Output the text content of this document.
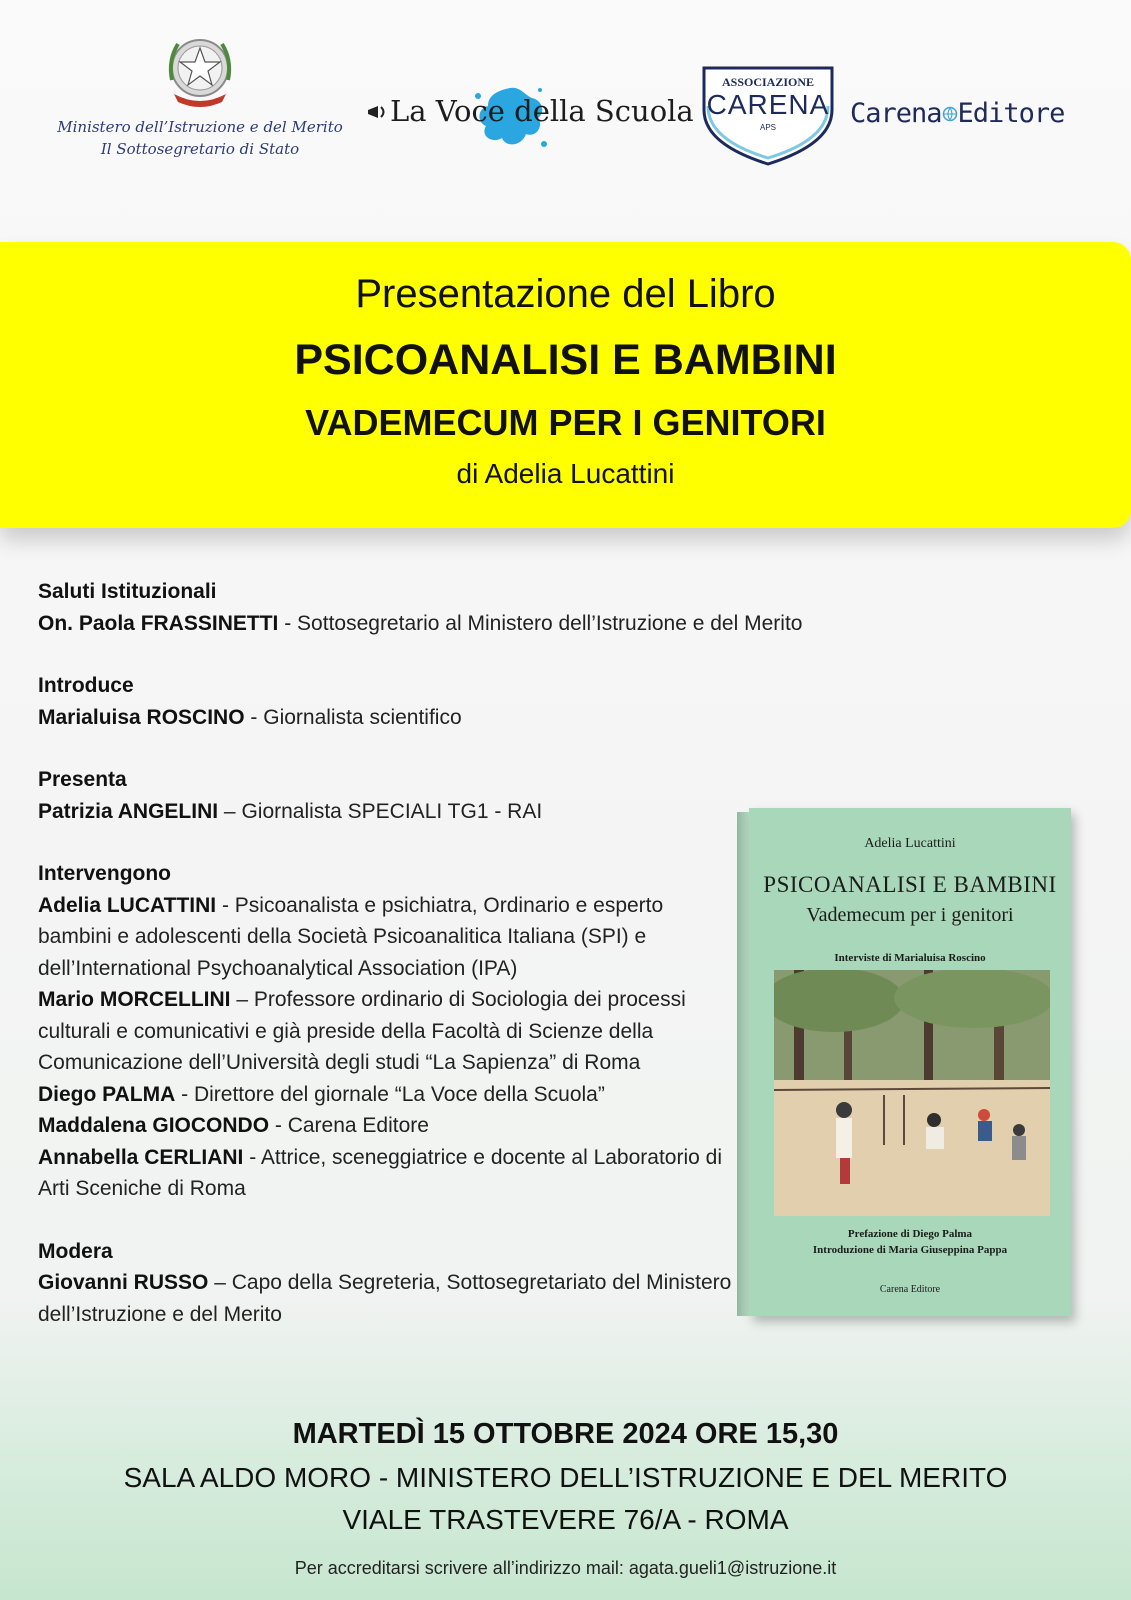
Ministero dell’Istruzione e del Merito
Il Sottosegretario di Stato
La Voce della Scuola
ASSOCIAZIONE
CARENA
APS	Carena Editore
Presentazione del Libro
PSICOANALISI E BAMBINI
VADEMECUM PER I GENITORI
di Adelia Lucattini
Saluti Istituzionali
On. Paola FRASSINETTI - Sottosegretario al Ministero dell’Istruzione e del Merito
Introduce
Marialuisa ROSCINO - Giornalista scientifico
Presenta
Patrizia ANGELINI – Giornalista SPECIALI TG1 - RAI
Intervengono
Adelia LUCATTINI - Psicoanalista e psichiatra, Ordinario e esperto bambini e adolescenti della Società Psicoanalitica Italiana (SPI) e dell’International Psychoanalytical Association (IPA)
Mario MORCELLINI – Professore ordinario di Sociologia dei processi culturali e comunicativi e già preside della Facoltà di Scienze della Comunicazione dell’Università degli studi “La Sapienza” di Roma
Diego PALMA - Direttore del giornale “La Voce della Scuola”
Maddalena GIOCONDO - Carena Editore
Annabella CERLIANI - Attrice, sceneggiatrice e docente al Laboratorio di Arti Sceniche di Roma
Modera
Giovanni RUSSO – Capo della Segreteria, Sottosegretariato del Ministero dell’Istruzione e del Merito
Adelia Lucattini
PSICOANALISI E BAMBINI
Vademecum per i genitori
Interviste di Marialuisa Roscino
Prefazione di Diego Palma
Introduzione di Maria Giuseppina Pappa
Carena Editore
MARTEDÌ 15 OTTOBRE 2024 ORE 15,30
SALA ALDO MORO - MINISTERO DELL’ISTRUZIONE E DEL MERITO
VIALE TRASTEVERE 76/A - ROMA
Per accreditarsi scrivere all’indirizzo mail: agata.gueli1@istruzione.it
